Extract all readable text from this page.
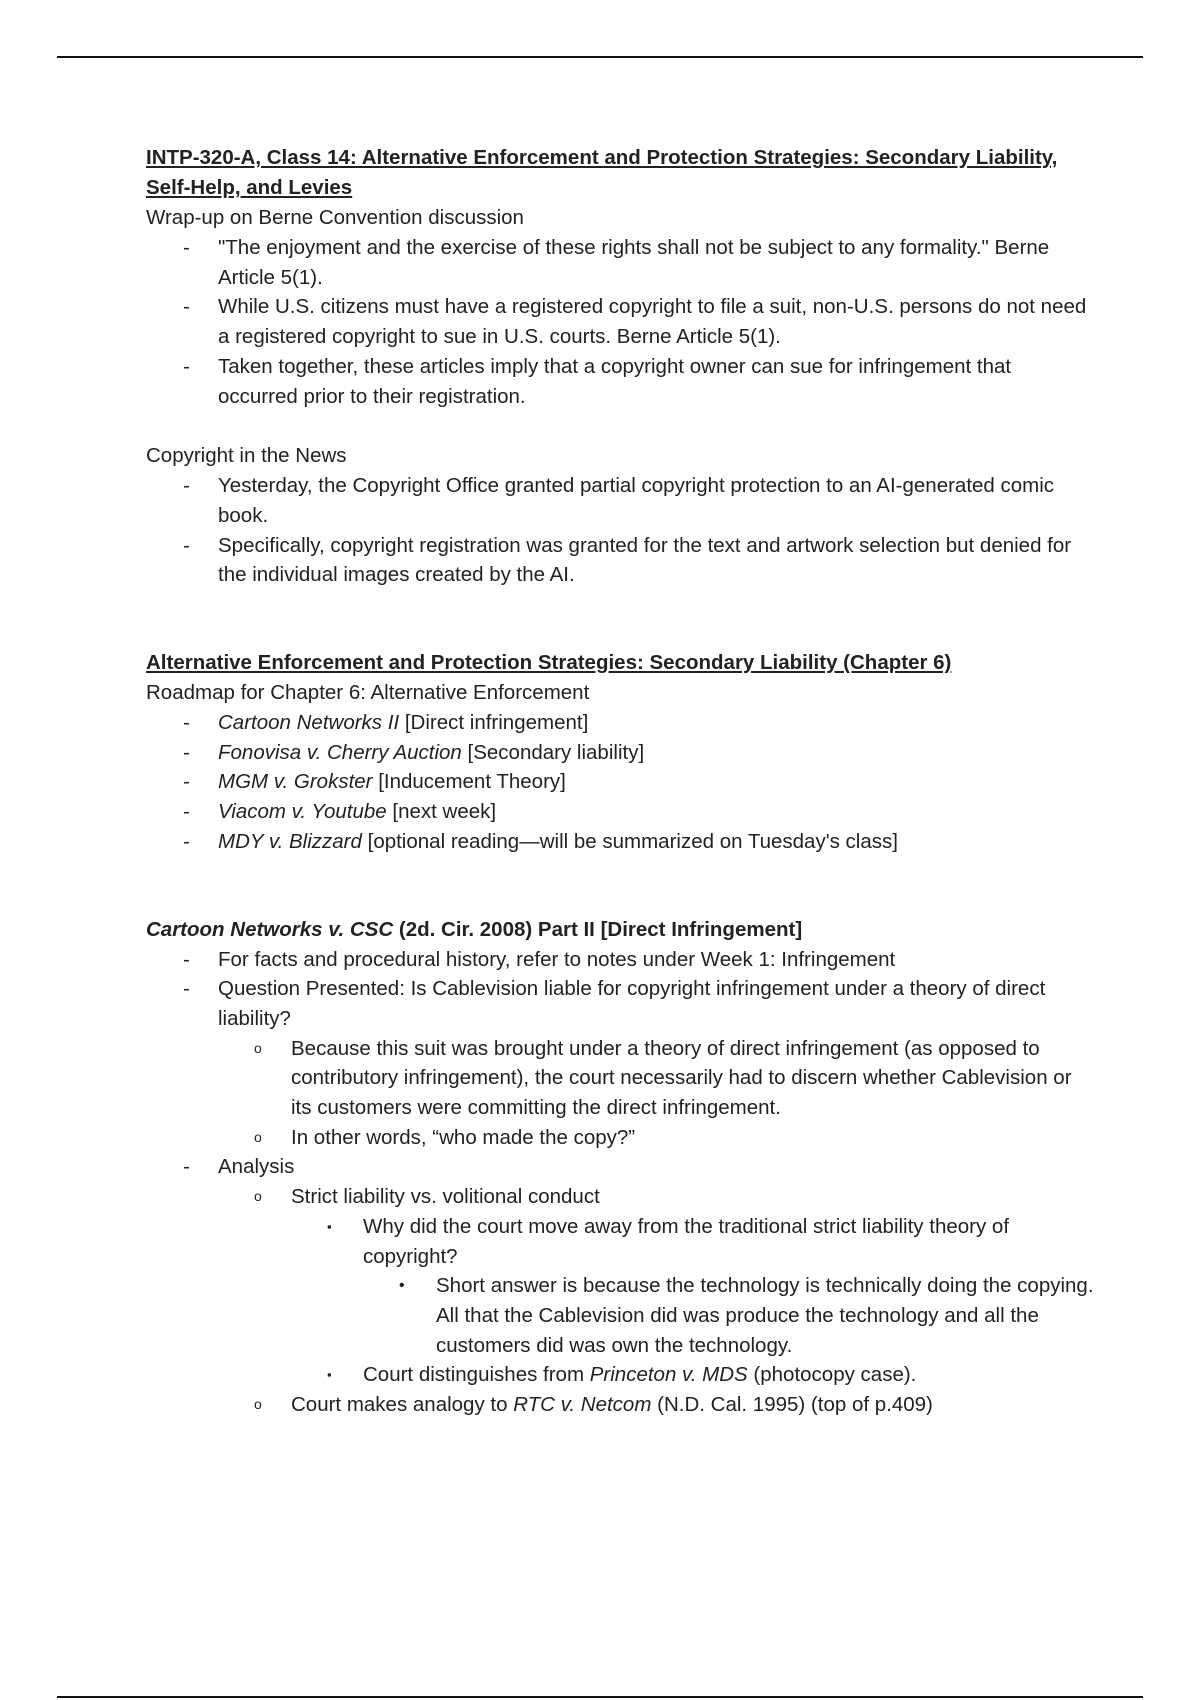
INTP-320-A, Class 14: Alternative Enforcement and Protection Strategies: Secondary Liability, Self-Help, and Levies
Wrap-up on Berne Convention discussion
- "The enjoyment and the exercise of these rights shall not be subject to any formality." Berne Article 5(1).
- While U.S. citizens must have a registered copyright to file a suit, non-U.S. persons do not need a registered copyright to sue in U.S. courts. Berne Article 5(1).
- Taken together, these articles imply that a copyright owner can sue for infringement that occurred prior to their registration.
Copyright in the News
- Yesterday, the Copyright Office granted partial copyright protection to an AI-generated comic book.
- Specifically, copyright registration was granted for the text and artwork selection but denied for the individual images created by the AI.
Alternative Enforcement and Protection Strategies: Secondary Liability (Chapter 6)
Roadmap for Chapter 6: Alternative Enforcement
- Cartoon Networks II [Direct infringement]
- Fonovisa v. Cherry Auction [Secondary liability]
- MGM v. Grokster [Inducement Theory]
- Viacom v. Youtube [next week]
- MDY v. Blizzard [optional reading—will be summarized on Tuesday's class]
Cartoon Networks v. CSC (2d. Cir. 2008) Part II [Direct Infringement]
- For facts and procedural history, refer to notes under Week 1: Infringement
- Question Presented: Is Cablevision liable for copyright infringement under a theory of direct liability?
o Because this suit was brought under a theory of direct infringement (as opposed to contributory infringement), the court necessarily had to discern whether Cablevision or its customers were committing the direct infringement.
o In other words, “who made the copy?”
- Analysis
o Strict liability vs. volitional conduct
▪ Why did the court move away from the traditional strict liability theory of copyright?
• Short answer is because the technology is technically doing the copying. All that the Cablevision did was produce the technology and all the customers did was own the technology.
▪ Court distinguishes from Princeton v. MDS (photocopy case).
o Court makes analogy to RTC v. Netcom (N.D. Cal. 1995) (top of p.409)
